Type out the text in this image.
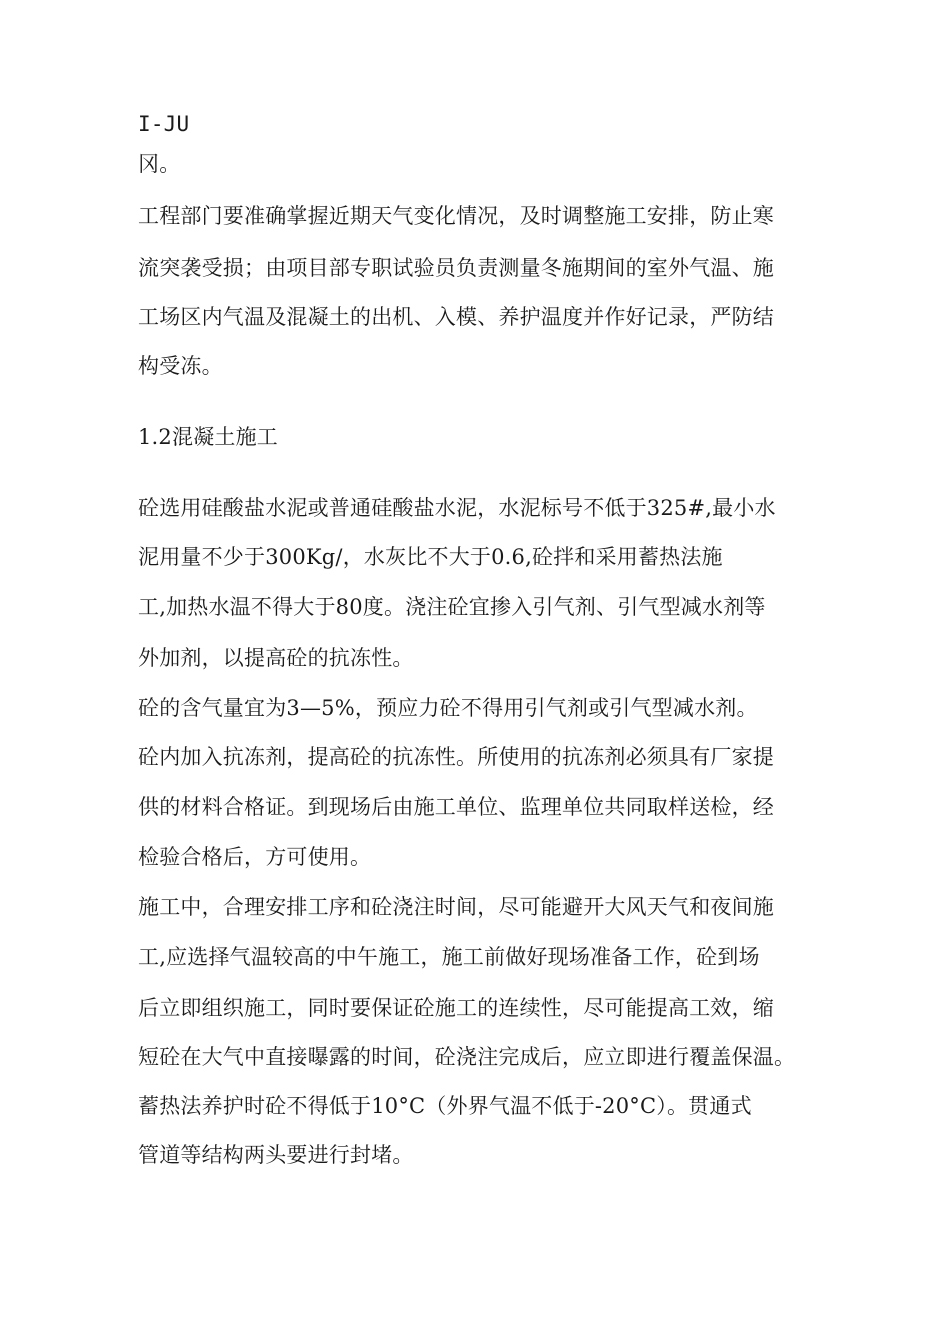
I-JU
冈。
工程部门要准确掌握近期天气变化情况，及时调整施工安排，防止寒
流突袭受损；由项目部专职试验员负责测量冬施期间的室外气温、施
工场区内气温及混凝土的出机、入模、养护温度并作好记录，严防结
构受冻。
1.2混凝土施工
砼选用硅酸盐水泥或普通硅酸盐水泥，水泥标号不低于325#,最小水
泥用量不少于300Kg/，水灰比不大于0.6,砼拌和采用蓄热法施
工,加热水温不得大于80度。浇注砼宜掺入引气剂、引气型减水剂等
外加剂，以提高砼的抗冻性。
砼的含气量宜为3—5%，预应力砼不得用引气剂或引气型减水剂。
砼内加入抗冻剂，提高砼的抗冻性。所使用的抗冻剂必须具有厂家提
供的材料合格证。到现场后由施工单位、监理单位共同取样送检，经
检验合格后，方可使用。
施工中，合理安排工序和砼浇注时间，尽可能避开大风天气和夜间施
工,应选择气温较高的中午施工，施工前做好现场准备工作，砼到场
后立即组织施工，同时要保证砼施工的连续性，尽可能提高工效，缩
短砼在大气中直接曝露的时间，砼浇注完成后，应立即进行覆盖保温。
蓄热法养护时砼不得低于10°C（外界气温不低于-20°C）。贯通式
管道等结构两头要进行封堵。
